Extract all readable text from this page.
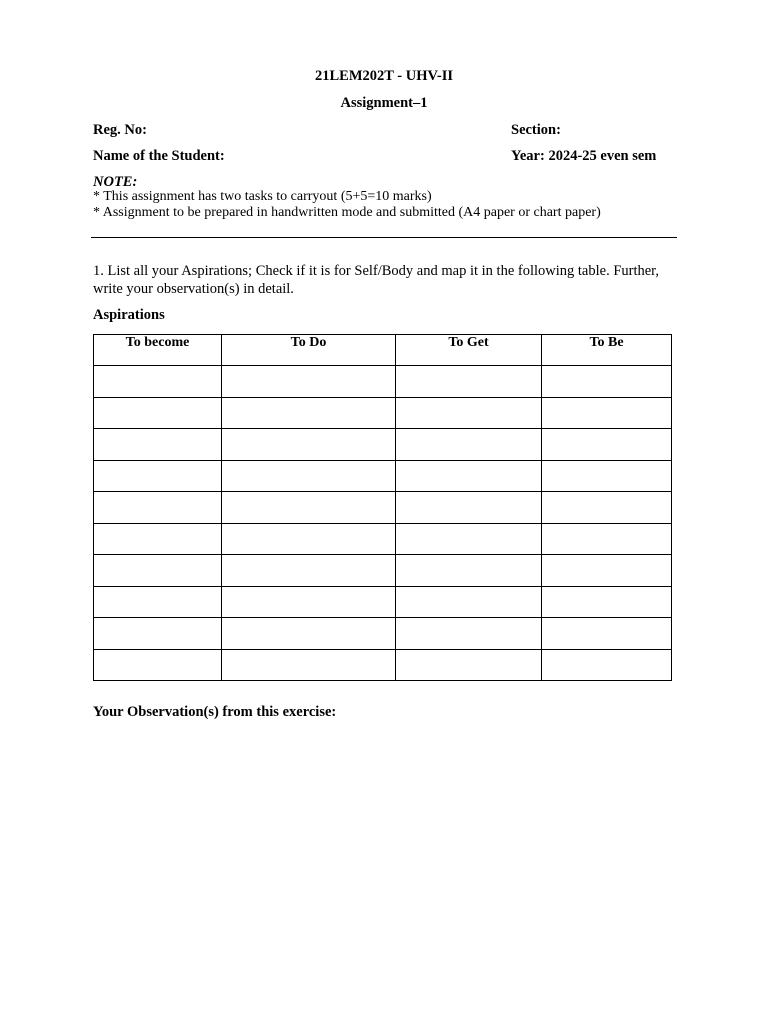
21LEM202T - UHV-II

Assignment–1

Reg. No:	Section:

Name of the Student:	Year: 2024-25 even sem

NOTE:

* This assignment has two tasks to carryout (5+5=10 marks)

* Assignment to be prepared in handwritten mode and submitted (A4 paper or chart paper)

1. List all your Aspirations; Check if it is for Self/Body and map it in the following table. Further, write your observation(s) in detail.

Aspirations

To become	To Do	To Get	To Be

Your Observation(s) from this exercise:
